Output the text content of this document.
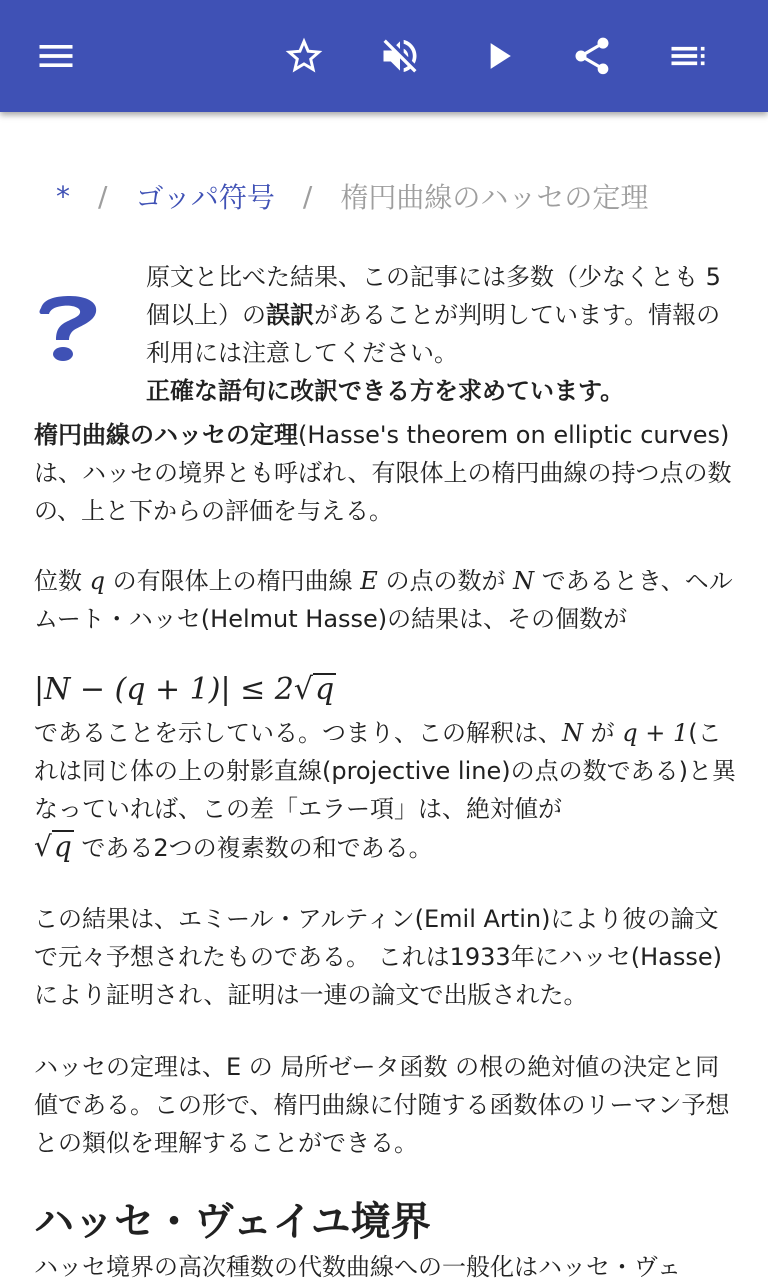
* / ゴッパ符号 / 楕円曲線のハッセの定理
原文と比べた結果、この記事には多数（少なくとも 5 個以上）の誤訳があることが判明しています。情報の利用には注意してください。
正確な語句に改訳できる方を求めています。
楕円曲線のハッセの定理(Hasse's theorem on elliptic curves)は、ハッセの境界とも呼ばれ、有限体上の楕円曲線の持つ点の数の、上と下からの評価を与える。
位数 q の有限体上の楕円曲線 E の点の数が N であるとき、ヘルムート・ハッセ(Helmut Hasse)の結果は、その個数が
|N − (q + 1)| ≤ 2√q
であることを示している。つまり、この解釈は、N が q + 1(これは同じ体の上の射影直線(projective line)の点の数である)と異なっていれば、この差「エラー項」は、絶対値が
√q である2つの複素数の和である。
この結果は、エミール・アルティン(Emil Artin)により彼の論文で元々予想されたものである。 これは1933年にハッセ(Hasse)により証明され、証明は一連の論文で出版された。
ハッセの定理は、E の 局所ゼータ函数 の根の絶対値の決定と同値である。この形で、楕円曲線に付随する函数体のリーマン予想との類似を理解することができる。
ハッセ・ヴェイユ境界
ハッセ境界の高次種数の代数曲線への一般化はハッセ・ヴェ
